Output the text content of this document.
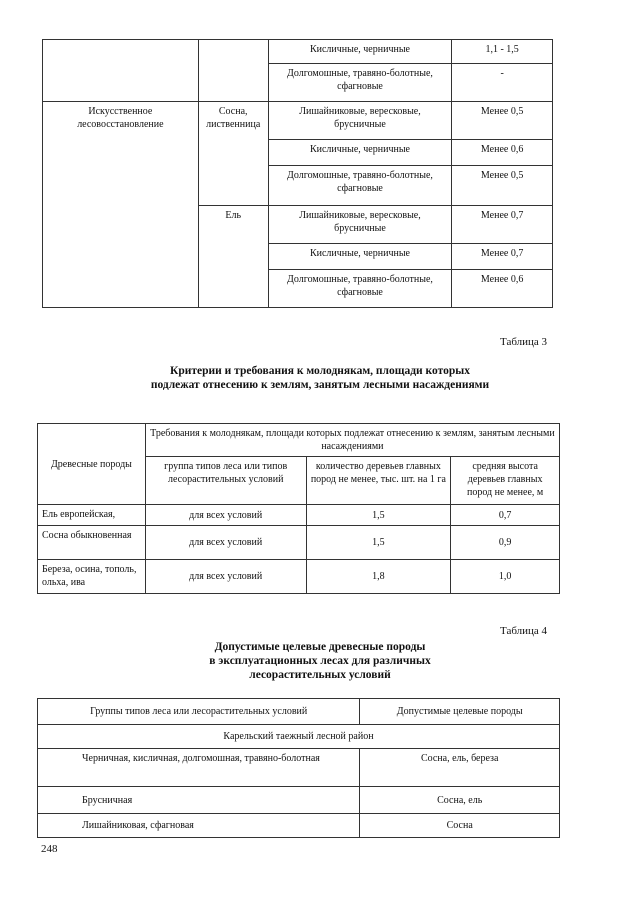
		Кисличные, черничные	1,1 - 1,5
		Долгомошные, травяно-болотные, сфагновые	-
Искусственное лесовосстановление	Сосна, лиственница	Лишайниковые, вересковые, брусничные	Менее 0,5
		Кисличные, черничные	Менее 0,6
		Долгомошные, травяно-болотные, сфагновые	Менее 0,5
	Ель	Лишайниковые, вересковые, брусничные	Менее 0,7
		Кисличные, черничные	Менее 0,7
		Долгомошные, травяно-болотные, сфагновые	Менее 0,6
Таблица 3
Критерии и требования к молоднякам, площади которых
подлежат отнесению к землям, занятым лесными насаждениями
Древесные породы	Требования к молоднякам, площади которых подлежат отнесению к землям, занятым лесными насаждениями		
	группа типов леса или типов лесорастительных условий	количество деревьев главных пород не менее, тыс. шт. на 1 га	средняя высота деревьев главных пород не менее, м
Ель европейская,	для всех условий	1,5	0,7
Сосна обыкновенная	для всех условий	1,5	0,9
Береза, осина, тополь, ольха, ива	для всех условий	1,8	1,0
Таблица 4
Допустимые целевые древесные породы
в эксплуатационных лесах для различных
лесорастительных условий
Группы типов леса или лесорастительных условий	Допустимые целевые породы
Карельский таежный лесной район	
Черничная, кисличная, долгомошная, травяно-болотная	Сосна, ель, береза
Брусничная	Сосна, ель
Лишайниковая, сфагновая	Сосна
248
